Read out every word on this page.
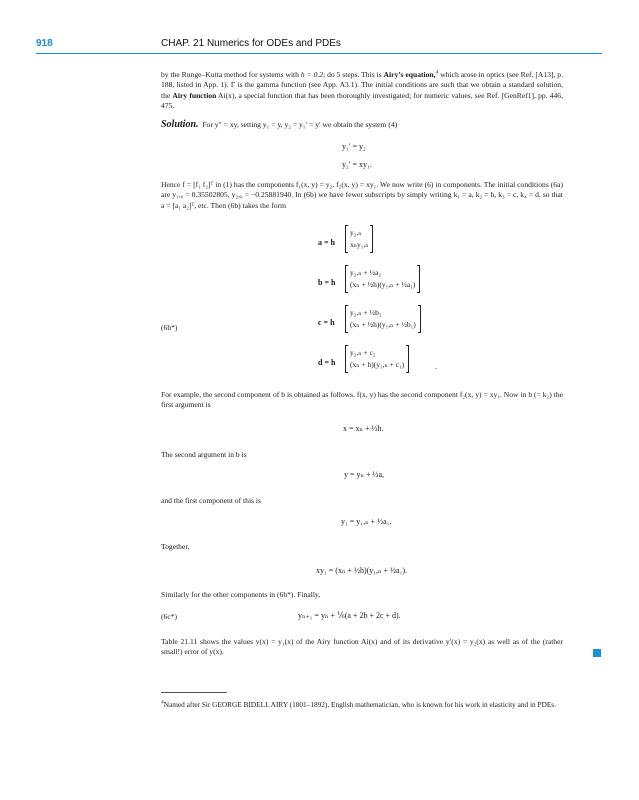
918	CHAP. 21 Numerics for ODEs and PDEs
by the Runge–Kutta method for systems with h = 0.2; do 5 steps. This is Airy’s equation,$^4$ which arose in optics (see Ref. [A13], p. 188, listed in App. 1). Γ is the gamma function (see App. A3.1). The initial conditions are such that we obtain a standard solution, the Airy function Ai(x), a special function that has been thoroughly investigated; for numeric values, see Ref. [GenRef1], pp. 446, 475.
Solution. For y″ = xy, setting y₁ = y, y₂ = y₁′ = y′ we obtain the system (4)
y₁′ = y₂
y₂′ = xy₁.
Hence f = [f₁ f₂]ᵀ in (1) has the components f₁(x, y) = y₂, f₂(x, y) = xy₁. We now write (6) in components. The initial conditions (6a) are y₁,₀ = 0.35502805, y₂,₀ = −0.25881940. In (6b) we have fewer subscripts by simply writing k₁ = a, k₂ = b, k₃ = c, k₄ = d, so that a = [a₁ a₂]ᵀ, etc. Then (6b) takes the form
(6b*)
a = h
y₂,ₙ
xₙy₁,ₙ
b = h
y₂,ₙ + ½a₂
(xₙ + ½h)(y₁,ₙ + ½a₁)
c = h
y₂,ₙ + ½b₂
(xₙ + ½h)(y₁,ₙ + ½b₁)
d = h
y₂,ₙ + c₂
(xₙ + h)(y₁,ₙ + c₁)	.
For example, the second component of b is obtained as follows. f(x, y) has the second component f₂(x, y) = xy₁. Now in b (= k₂) the first argument is
x = xₙ + ½h.
The second argument in b is
y = yₙ + ½a,
and the first component of this is
y₁ = y₁,ₙ + ½a₁.
Together,
xy₁ = (xₙ + ½h)(y₁,ₙ + ½a₁).
Similarly for the other components in (6b*). Finally,
(6c*)	yₙ₊₁ = yₙ + ⅙(a + 2b + 2c + d).
Table 21.11 shows the values y(x) = y₁(x) of the Airy function Ai(x) and of its derivative y′(x) = y₂(x) as well as of the (rather small!) error of y(x).
$^4$Named after Sir GEORGE BIDELL AIRY (1801–1892), English mathematician, who is known for his work in elasticity and in PDEs.
